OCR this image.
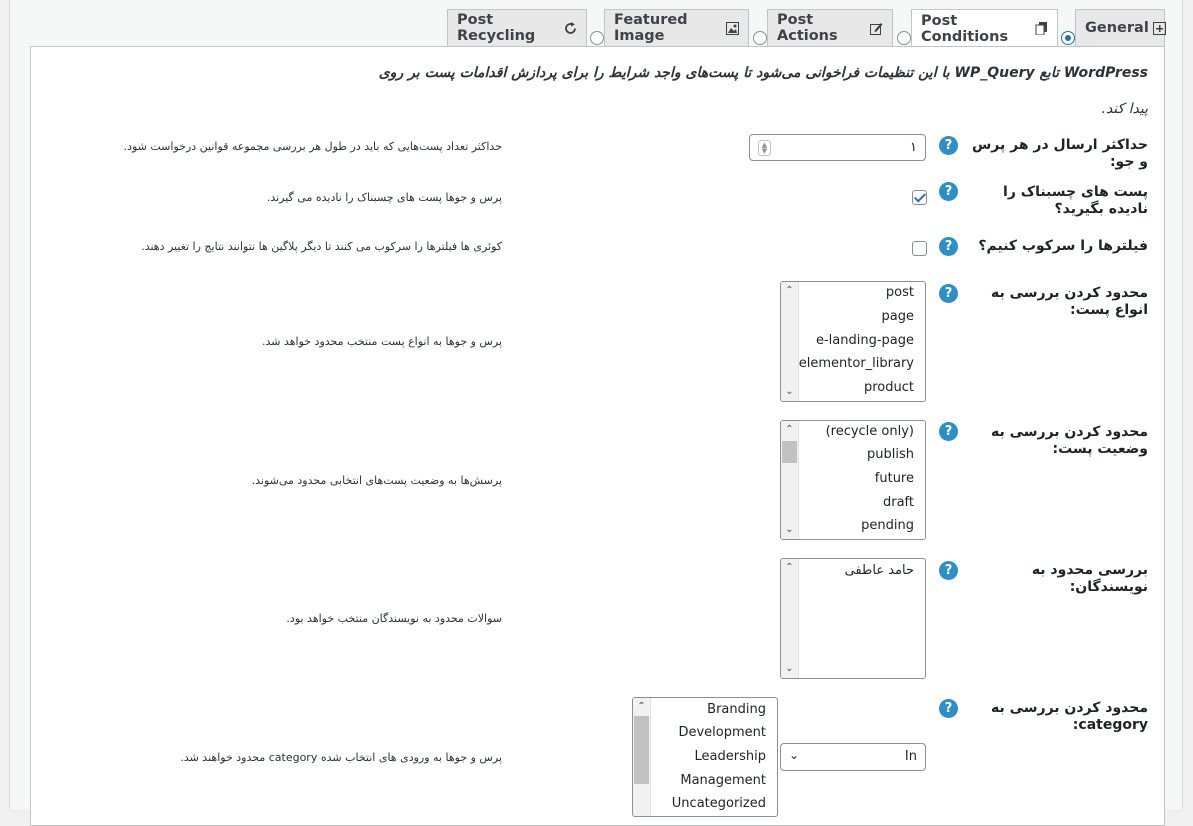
General
Post Conditions
Post Actions
Featured Image
Post Recycling
WordPress تابع WP_Query با این تنظیمات فراخوانی می‌شود تا پست‌های واجد شرایط را برای پردازش اقدامات پست بر روی
پیدا کند.
حداکثر ارسال در هر پرس و جو:
?
۱
▲
▼
حداکثر تعداد پست‌هایی که باید در طول هر بررسی مجموعه قوانین درخواست شود.
پست های چسبناک را نادیده بگیرید؟
?
پرس و جوها پست های چسبناک را نادیده می گیرند.
فیلترها را سرکوب کنیم؟
?
کوئری ها فیلترها را سرکوب می کنند تا دیگر پلاگین ها نتوانند نتایج را تغییر دهند.
محدود کردن بررسی به انواع پست:
?
⌃
⌄
post
page
e-landing-page
elementor_library
product
پرس و جوها به انواع پست منتخب محدود خواهد شد.
محدود کردن بررسی به وضعیت پست:
?
⌃
⌄
(recycle only)
publish
future
draft
pending
پرسش‌ها به وضعیت پست‌های انتخابی محدود می‌شوند.
بررسی محدود به نویسندگان:
?
⌃
⌄
حامد عاطفی
سوالات محدود به نویسندگان منتخب خواهد بود.
محدود کردن بررسی به category:
?
⌃	Branding
Development
Leadership
Management
Uncategorized
In
⌄
پرس و جوها به ورودی های انتخاب شده category محدود خواهند شد.
